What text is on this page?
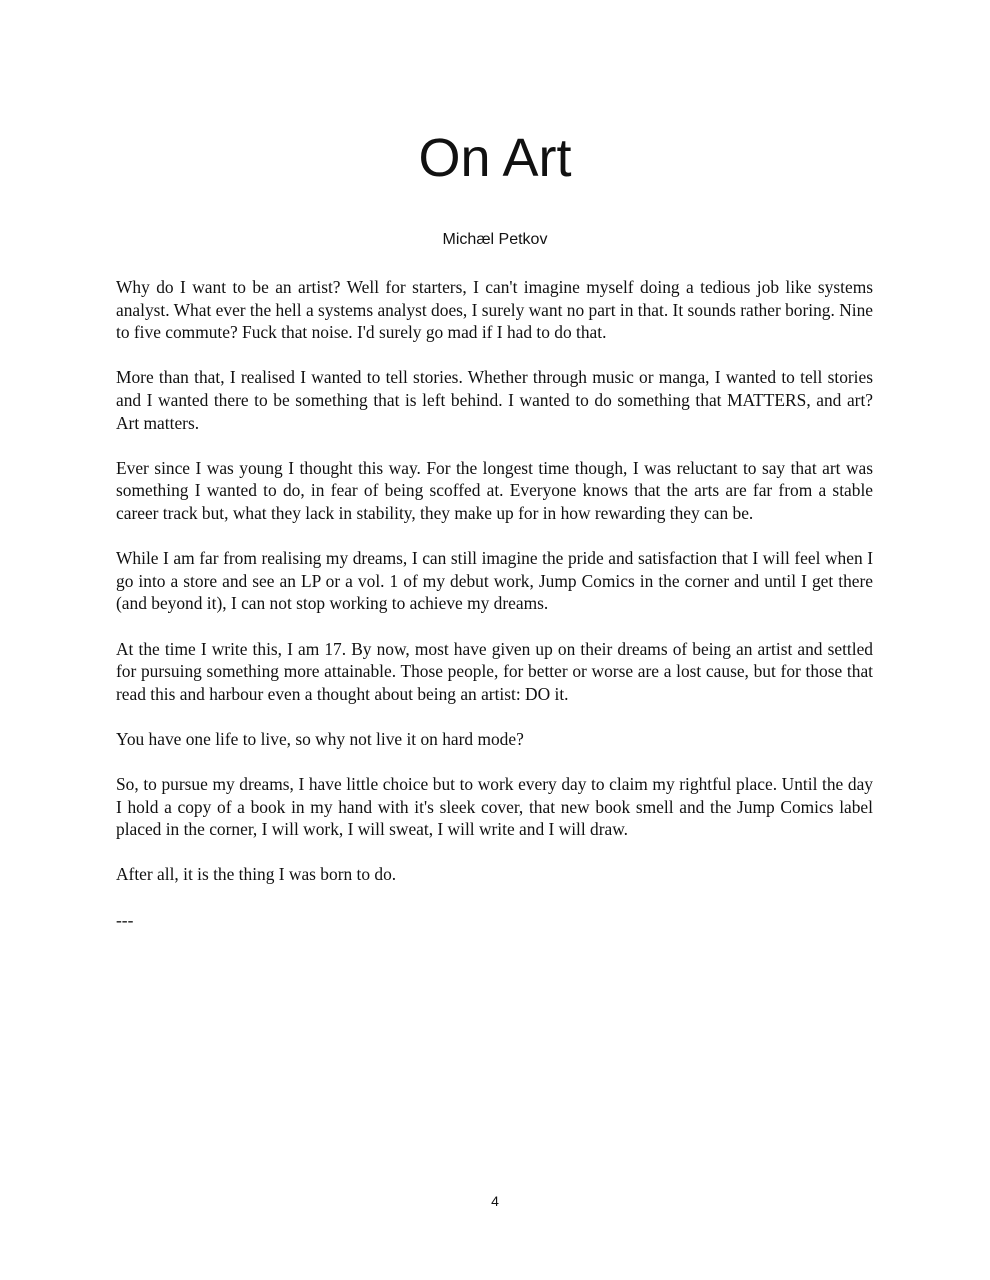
On Art
Michæl Petkov

Why do I want to be an artist? Well for starters, I can't imagine myself doing a tedious job like systems analyst. What ever the hell a systems analyst does, I surely want no part in that. It sounds rather boring. Nine to five commute? Fuck that noise. I'd surely go mad if I had to do that.

More than that, I realised I wanted to tell stories. Whether through music or manga, I wanted to tell stories and I wanted there to be something that is left behind. I wanted to do something that MATTERS, and art? Art matters.

Ever since I was young I thought this way. For the longest time though, I was reluctant to say that art was something I wanted to do, in fear of being scoffed at. Everyone knows that the arts are far from a stable career track but, what they lack in stability, they make up for in how rewarding they can be.

While I am far from realising my dreams, I can still imagine the pride and satisfaction that I will feel when I go into a store and see an LP or a vol. 1 of my debut work, Jump Comics in the corner and until I get there (and beyond it), I can not stop working to achieve my dreams.

At the time I write this, I am 17. By now, most have given up on their dreams of being an artist and settled for pursuing something more attainable. Those people, for better or worse are a lost cause, but for those that read this and harbour even a thought about being an artist: DO it.

You have one life to live, so why not live it on hard mode?

So, to pursue my dreams, I have little choice but to work every day to claim my rightful place. Until the day I hold a copy of a book in my hand with it's sleek cover, that new book smell and the Jump Comics label placed in the corner, I will work, I will sweat, I will write and I will draw.

After all, it is the thing I was born to do.

---

4
